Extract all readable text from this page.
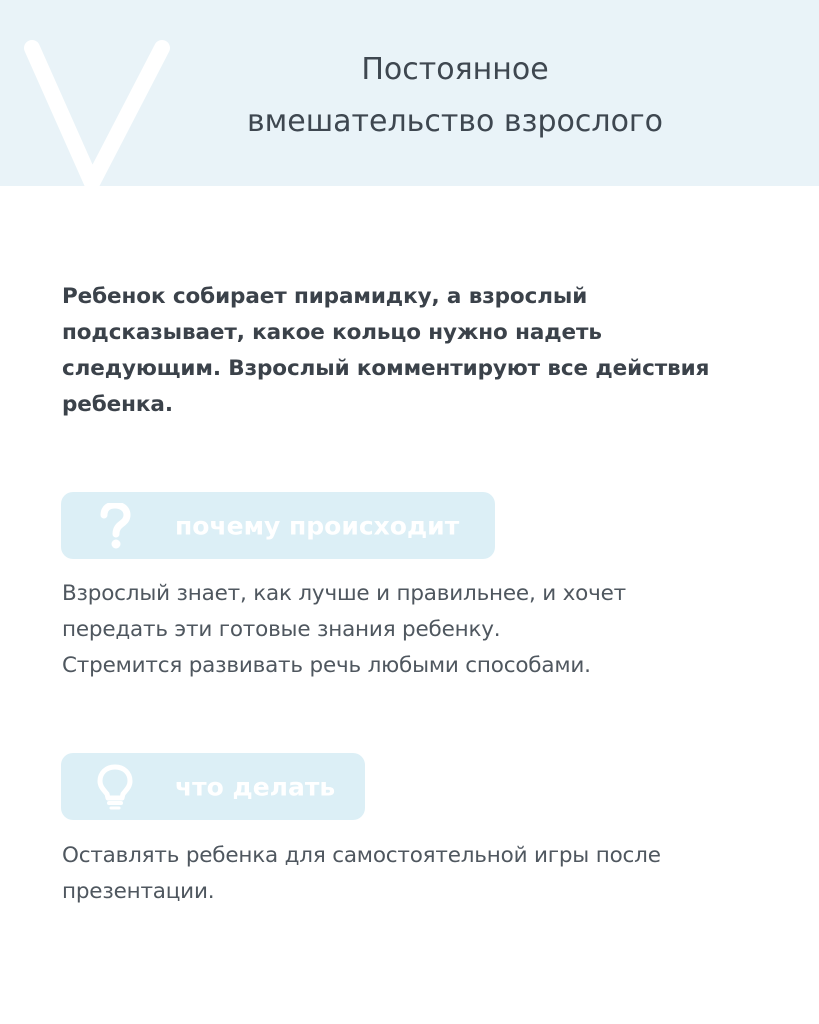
Постоянное
вмешательство взрослого

Ребенок собирает пирамидку, а взрослый
подсказывает, какое кольцо нужно надеть
следующим. Взрослый комментируют все действия
ребенка.

почему происходит

Взрослый знает, как лучше и правильнее, и хочет
передать эти готовые знания ребенку.
Стремится развивать речь любыми способами.

что делать

Оставлять ребенка для самостоятельной игры после
презентации.
